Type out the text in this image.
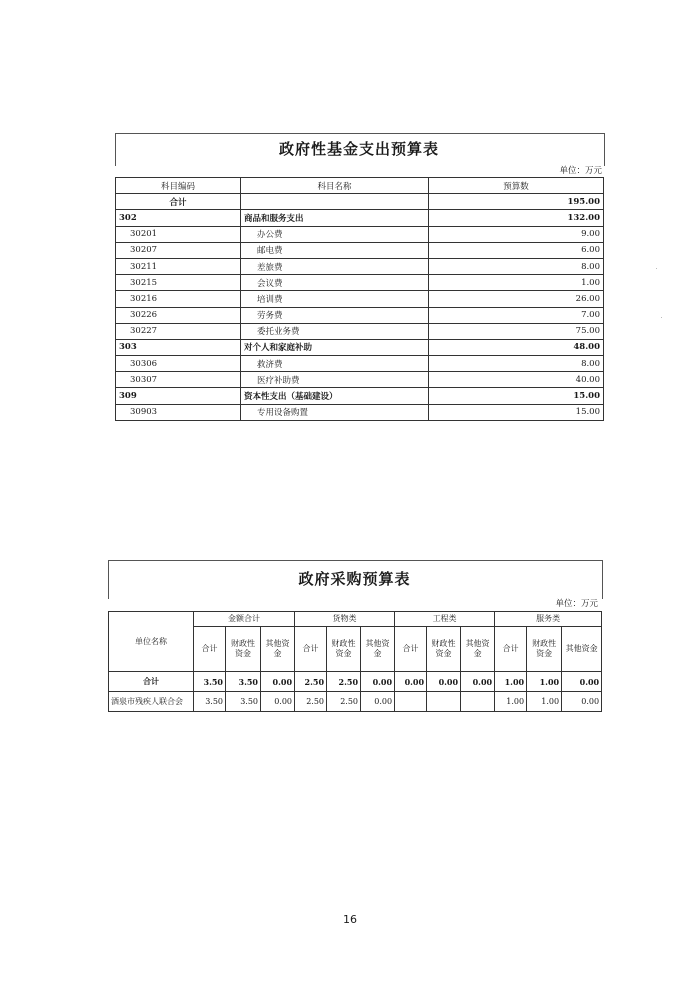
政府性基金支出预算表
单位：万元
科目编码	科目名称	预算数
合计		195.00
302	商品和服务支出	132.00
30201	办公费	9.00
30207	邮电费	6.00
30211	差旅费	8.00
30215	会议费	1.00
30216	培训费	26.00
30226	劳务费	7.00
30227	委托业务费	75.00
303	对个人和家庭补助	48.00
30306	救济费	8.00
30307	医疗补助费	40.00
309	资本性支出（基础建设）	15.00
30903	专用设备购置	15.00
政府采购预算表
单位：万元
单位名称	金额合计			货物类			工程类			服务类		
	合计	财政性资金	其他资金	合计	财政性资金	其他资金	合计	财政性资金	其他资金	合计	财政性资金	其他资金
合计	3.50	3.50	0.00	2.50	2.50	0.00	0.00	0.00	0.00	1.00	1.00	0.00
酒泉市残疾人联合会	3.50	3.50	0.00	2.50	2.50	0.00				1.00	1.00	0.00
16
